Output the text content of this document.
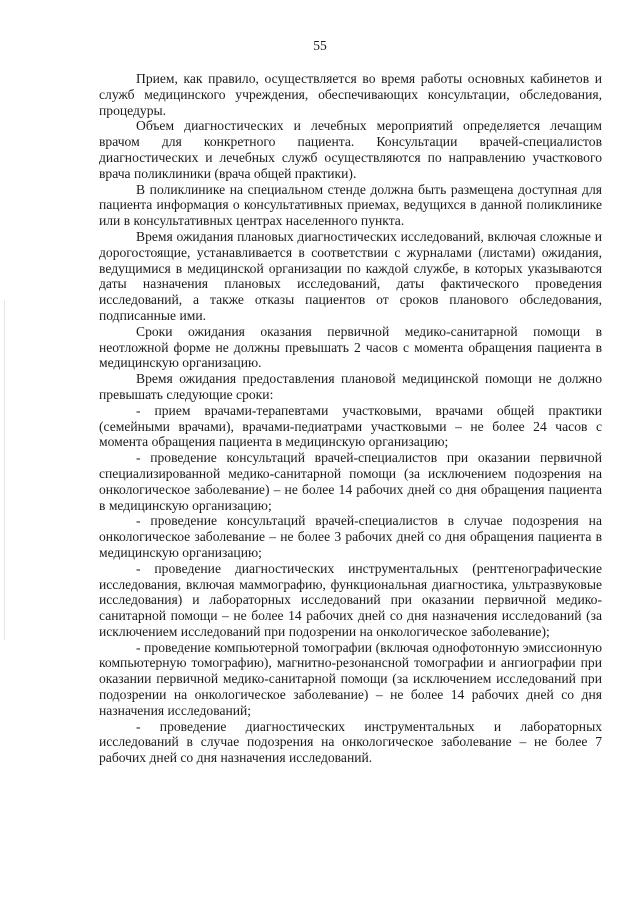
55

Прием, как правило, осуществляется во время работы основных кабинетов и служб медицинского учреждения, обеспечивающих консультации, обследования, процедуры.

Объем диагностических и лечебных мероприятий определяется лечащим врачом для конкретного пациента. Консультации врачей-специалистов диагностических и лечебных служб осуществляются по направлению участкового врача поликлиники (врача общей практики).

В поликлинике на специальном стенде должна быть размещена доступная для пациента информация о консультативных приемах, ведущихся в данной поликлинике или в консультативных центрах населенного пункта.

Время ожидания плановых диагностических исследований, включая сложные и дорогостоящие, устанавливается в соответствии с журналами (листами) ожидания, ведущимися в медицинской организации по каждой службе, в которых указываются даты назначения плановых исследований, даты фактического проведения исследований, а также отказы пациентов от сроков планового обследования, подписанные ими.

Сроки ожидания оказания первичной медико-санитарной помощи в неотложной форме не должны превышать 2 часов с момента обращения пациента в медицинскую организацию.

Время ожидания предоставления плановой медицинской помощи не должно превышать следующие сроки:

- прием врачами-терапевтами участковыми, врачами общей практики (семейными врачами), врачами-педиатрами участковыми – не более 24 часов с момента обращения пациента в медицинскую организацию;

- проведение консультаций врачей-специалистов при оказании первичной специализированной медико-санитарной помощи (за исключением подозрения на онкологическое заболевание) – не более 14 рабочих дней со дня обращения пациента в медицинскую организацию;

- проведение консультаций врачей-специалистов в случае подозрения на онкологическое заболевание – не более 3 рабочих дней со дня обращения пациента в медицинскую организацию;

- проведение диагностических инструментальных (рентгенографические исследования, включая маммографию, функциональная диагностика, ультразвуковые исследования) и лабораторных исследований при оказании первичной медико-санитарной помощи – не более 14 рабочих дней со дня назначения исследований (за исключением исследований при подозрении на онкологическое заболевание);

- проведение компьютерной томографии (включая однофотонную эмиссионную компьютерную томографию), магнитно-резонансной томографии и ангиографии при оказании первичной медико-санитарной помощи (за исключением исследований при подозрении на онкологическое заболевание) – не более 14 рабочих дней со дня назначения исследований;

- проведение диагностических инструментальных и лабораторных исследований в случае подозрения на онкологическое заболевание – не более 7 рабочих дней со дня назначения исследований.
